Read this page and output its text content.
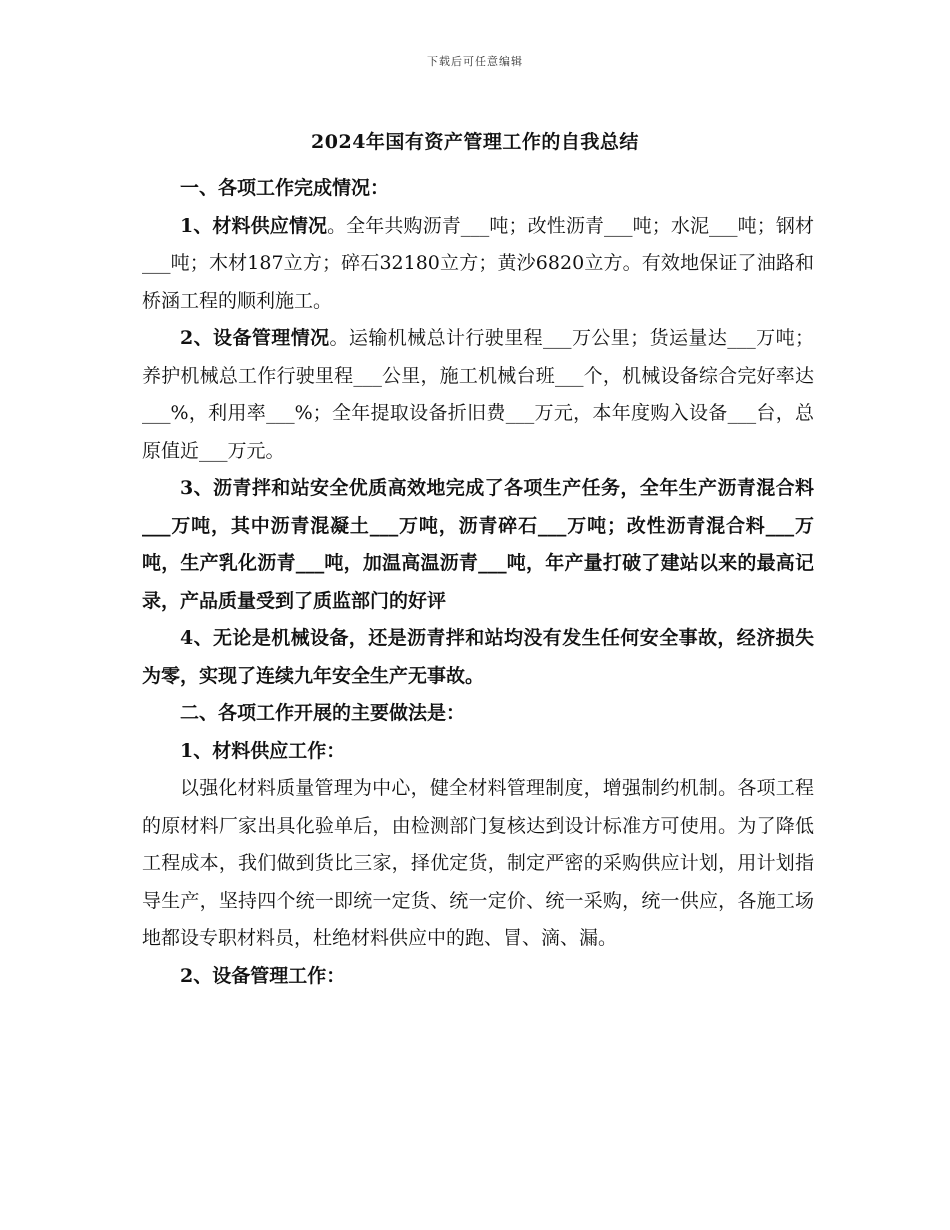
下载后可任意编辑
2024年国有资产管理工作的自我总结

一、各项工作完成情况：

1、材料供应情况。全年共购沥青___吨；改性沥青___吨；水泥___吨；钢材___吨；木材187立方；碎石32180立方；黄沙6820立方。有效地保证了油路和桥涵工程的顺利施工。

2、设备管理情况。运输机械总计行驶里程___万公里；货运量达___万吨；养护机械总工作行驶里程___公里，施工机械台班___个，机械设备综合完好率达___%，利用率___%；全年提取设备折旧费___万元，本年度购入设备___台，总原值近___万元。

3、沥青拌和站安全优质高效地完成了各项生产任务，全年生产沥青混合料___万吨，其中沥青混凝土___万吨，沥青碎石___万吨；改性沥青混合料___万吨，生产乳化沥青___吨，加温高温沥青___吨，年产量打破了建站以来的最高记录，产品质量受到了质监部门的好评

4、无论是机械设备，还是沥青拌和站均没有发生任何安全事故，经济损失为零，实现了连续九年安全生产无事故。

二、各项工作开展的主要做法是：

1、材料供应工作：

以强化材料质量管理为中心，健全材料管理制度，增强制约机制。各项工程的原材料厂家出具化验单后，由检测部门复核达到设计标准方可使用。为了降低工程成本，我们做到货比三家，择优定货，制定严密的采购供应计划，用计划指导生产，坚持四个统一即统一定货、统一定价、统一采购，统一供应，各施工场地都设专职材料员，杜绝材料供应中的跑、冒、滴、漏。

2、设备管理工作：
